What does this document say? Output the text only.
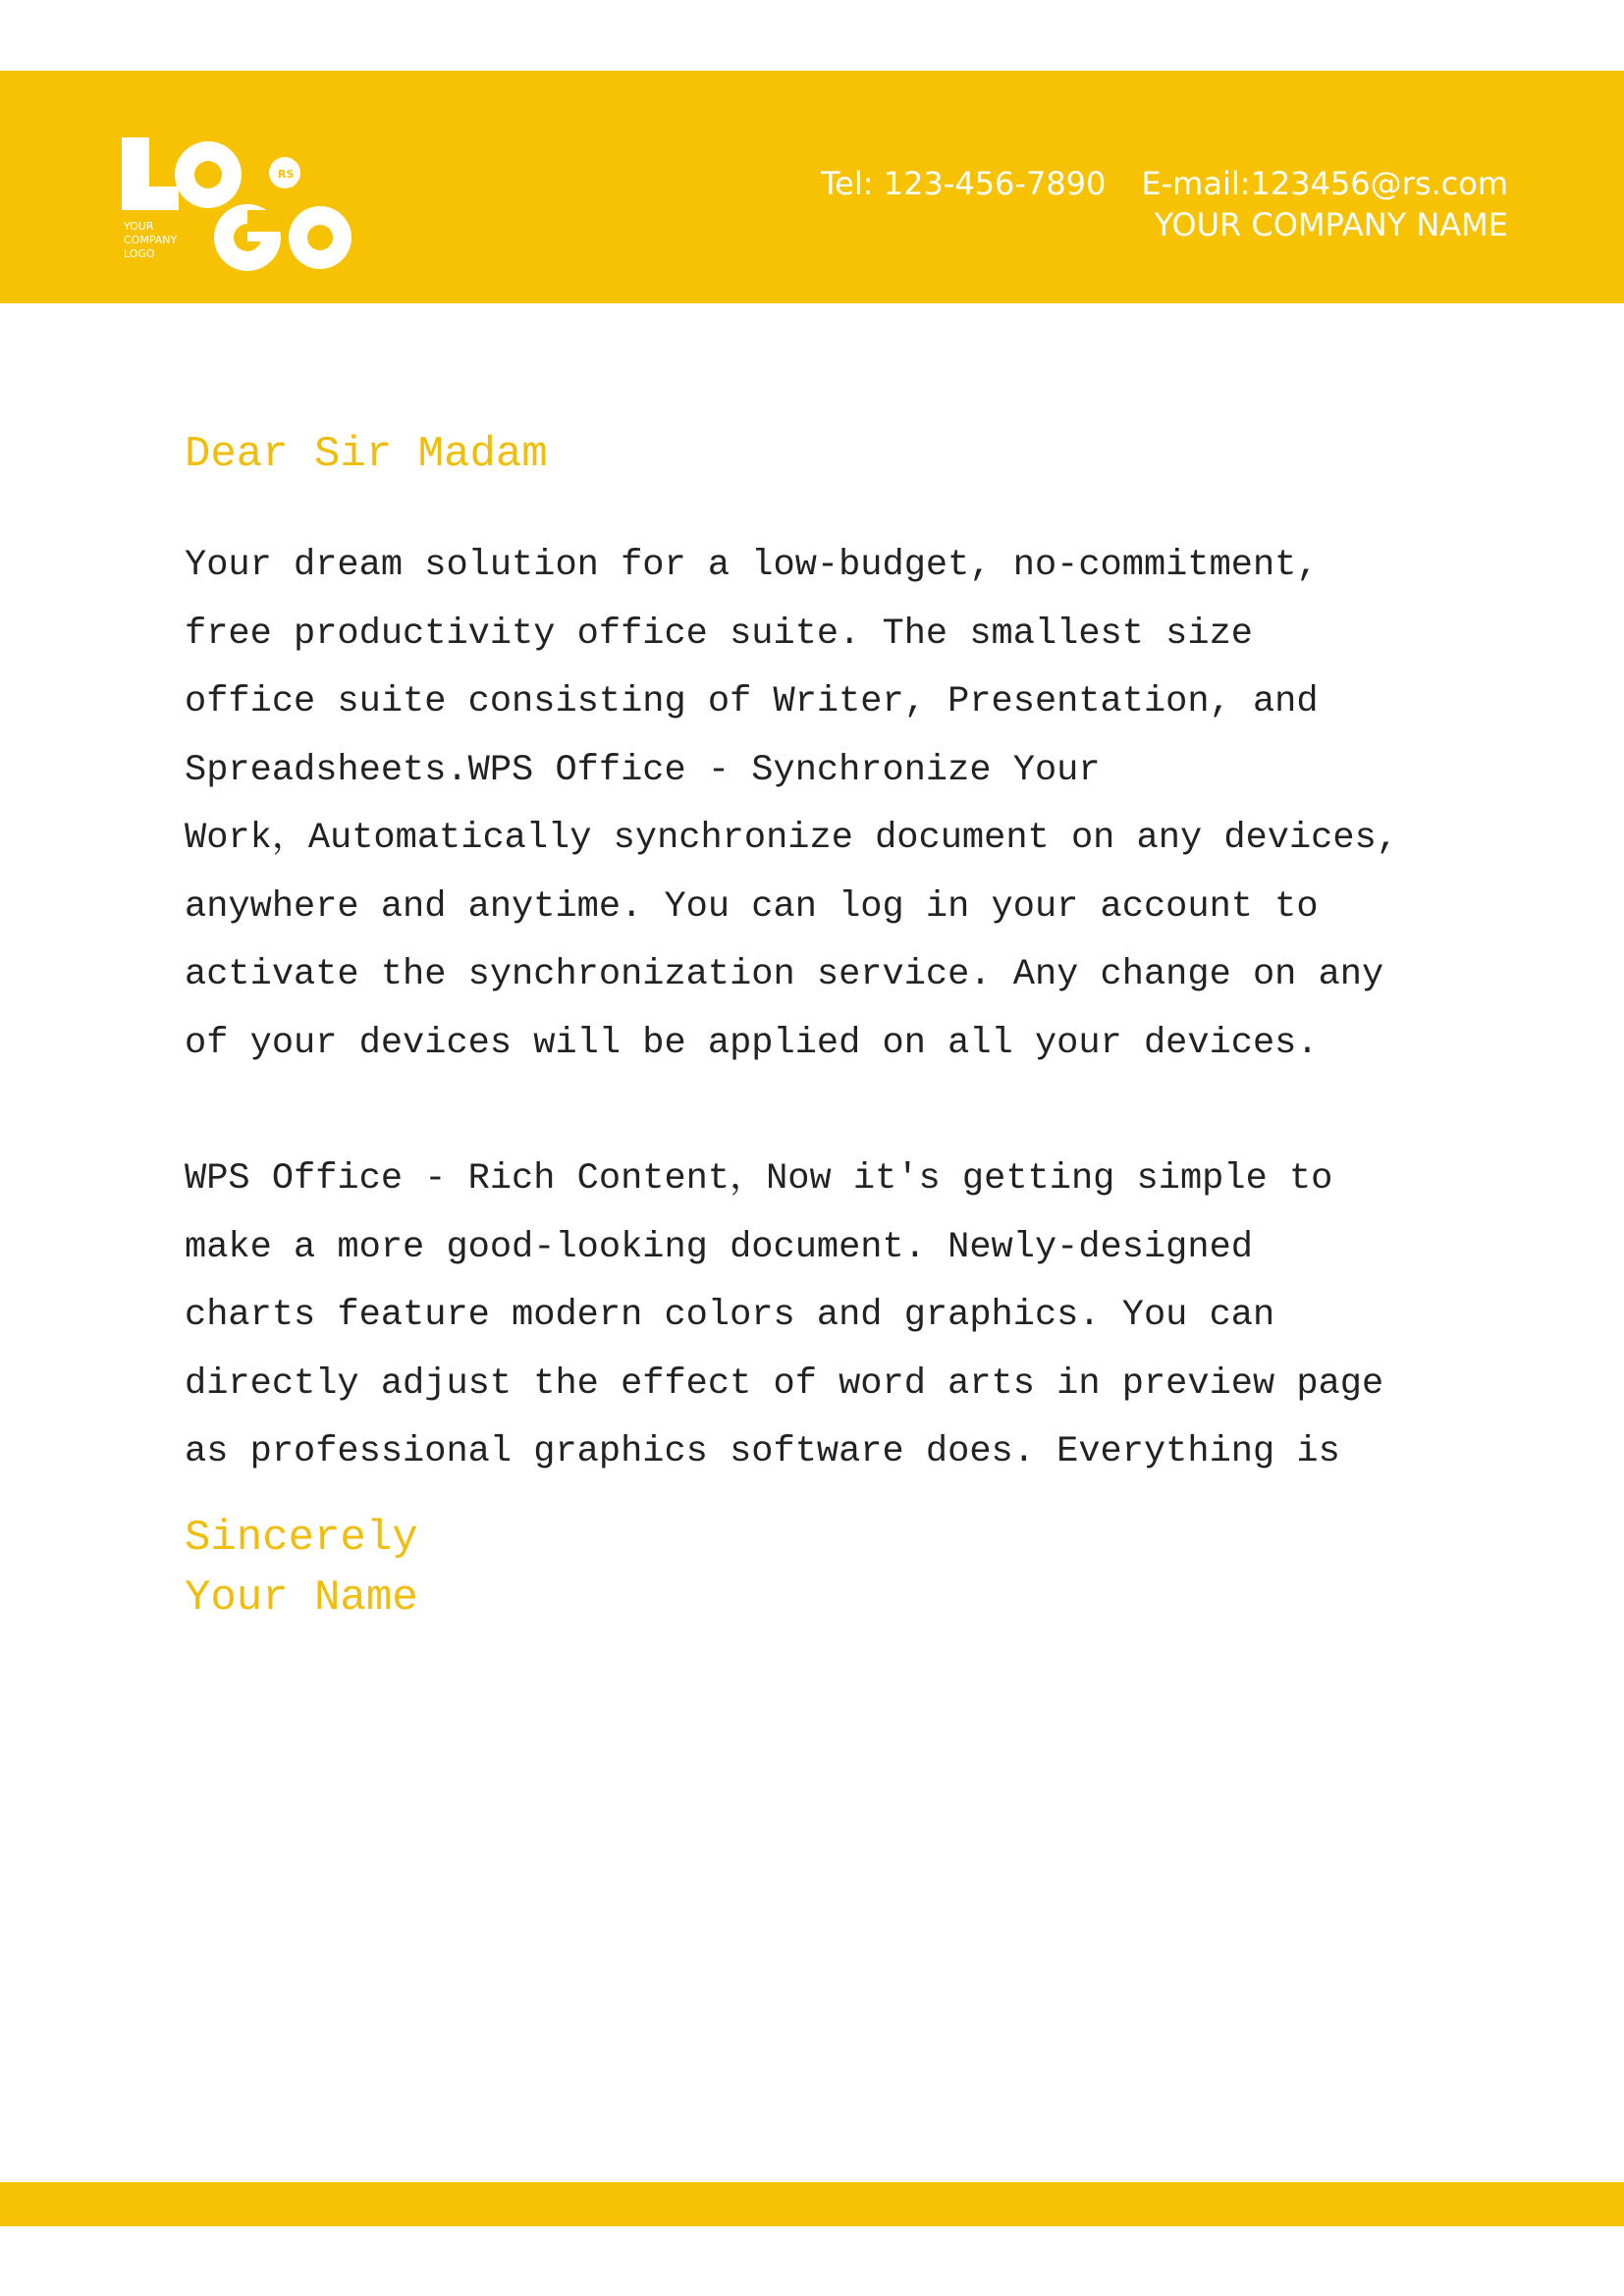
RS
YOUR
COMPANY
LOGO
Tel: 123-456-7890 E-mail:123456@rs.com
YOUR COMPANY NAME
Dear Sir Madam

Your dream solution for a low-budget, no-commitment,
free productivity office suite. The smallest size
office suite consisting of Writer, Presentation, and
Spreadsheets.WPS Office - Synchronize Your
Work，Automatically synchronize document on any devices,
anywhere and anytime. You can log in your account to
activate the synchronization service. Any change on any
of your devices will be applied on all your devices.

WPS Office - Rich Content，Now it's getting simple to
make a more good-looking document. Newly-designed
charts feature modern colors and graphics. You can
directly adjust the effect of word arts in preview page
as professional graphics software does. Everything is

Sincerely
Your Name
